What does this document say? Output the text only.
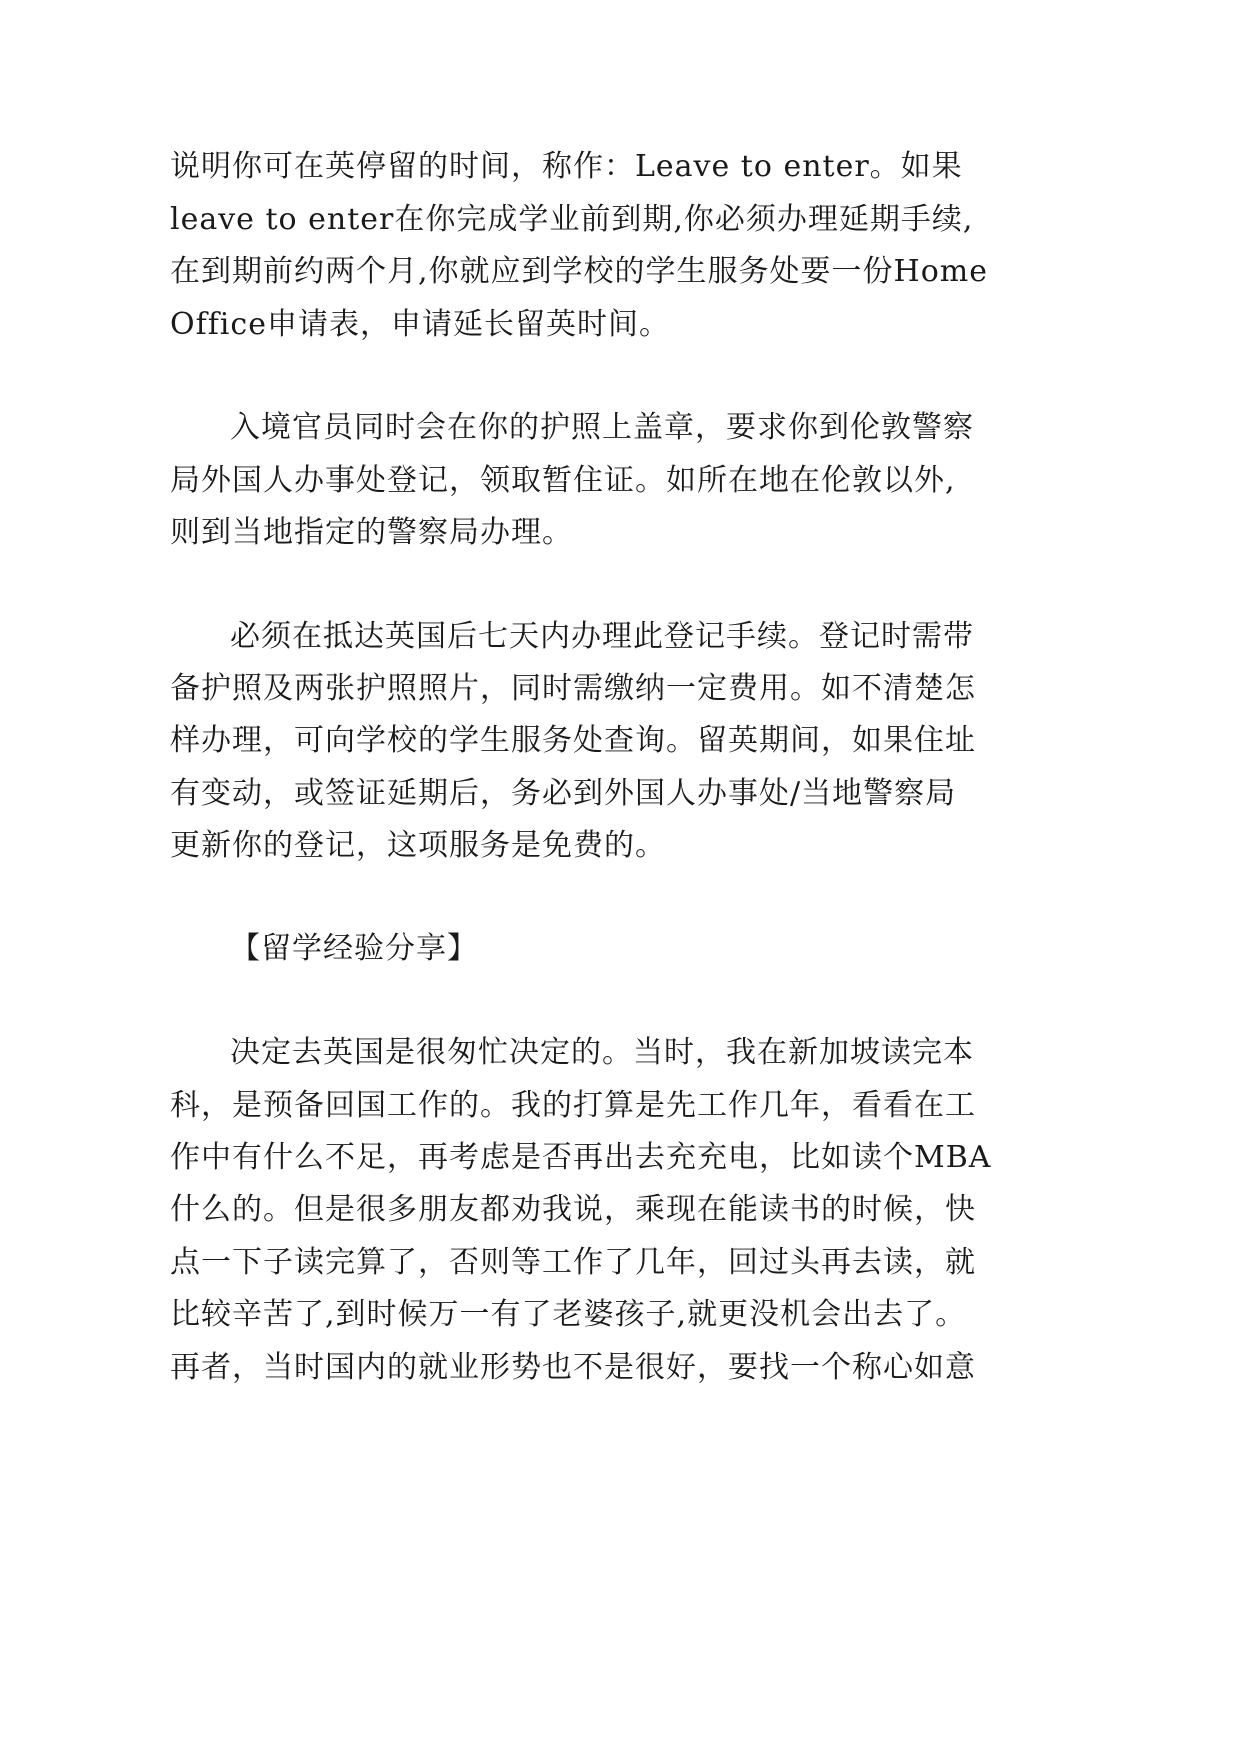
说明你可在英停留的时间，称作：Leave to enter。如果
leave to enter在你完成学业前到期,你必须办理延期手续,
在到期前约两个月,你就应到学校的学生服务处要一份Home
Office申请表，申请延长留英时间。
入境官员同时会在你的护照上盖章，要求你到伦敦警察
局外国人办事处登记，领取暂住证。如所在地在伦敦以外,
则到当地指定的警察局办理。
必须在抵达英国后七天内办理此登记手续。登记时需带
备护照及两张护照照片，同时需缴纳一定费用。如不清楚怎
样办理，可向学校的学生服务处查询。留英期间，如果住址
有变动，或签证延期后，务必到外国人办事处/当地警察局
更新你的登记，这项服务是免费的。
【留学经验分享】
决定去英国是很匆忙决定的。当时，我在新加坡读完本
科，是预备回国工作的。我的打算是先工作几年，看看在工
作中有什么不足，再考虑是否再出去充充电，比如读个MBA
什么的。但是很多朋友都劝我说，乘现在能读书的时候，快
点一下子读完算了，否则等工作了几年，回过头再去读，就
比较辛苦了,到时候万一有了老婆孩子,就更没机会出去了。
再者，当时国内的就业形势也不是很好，要找一个称心如意
